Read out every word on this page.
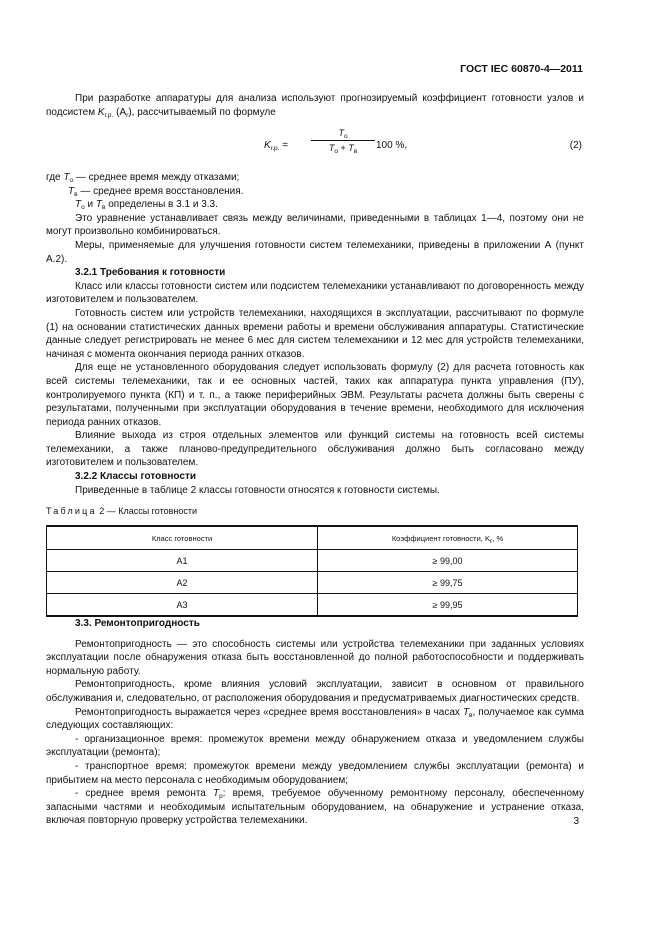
ГОСТ IEC 60870-4—2011

При разработке аппаратуры для анализа используют прогнозируемый коэффициент готовности узлов и подсистем $K_{г.р.}$ $(A_r)$, рассчитываемый по формуле

$K_{г.р.}$ =
$T_о$
$T_о + T_в$
100 %,	(2)

где $T_о$ — среднее время между отказами;

$T_в$ — среднее время восстановления.

$T_о$ и $T_в$ определены в 3.1 и 3.3.

Это уравнение устанавливает связь между величинами, приведенными в таблицах 1—4, поэтому они не могут произвольно комбинироваться.

Меры, применяемые для улучшения готовности систем телемеханики, приведены в приложении А (пункт А.2).

3.2.1 Требования к готовности

Класс или классы готовности систем или подсистем телемеханики устанавливают по договоренность между изготовителем и пользователем.

Готовность систем или устройств телемеханики, находящихся в эксплуатации, рассчитывают по формуле (1) на основании статистических данных времени работы и времени обслуживания аппаратуры. Статистические данные следует регистрировать не менее 6 мес для систем телемеханики и 12 мес для устройств телемеханики, начиная с момента окончания периода ранних отказов.

Для еще не установленного оборудования следует использовать формулу (2) для расчета готовность как всей системы телемеханики, так и ее основных частей, таких как аппаратура пункта управления (ПУ), контролируемого пункта (КП) и т. п., а также периферийных ЭВМ. Результаты расчета должны быть сверены с результатами, полученными при эксплуатации оборудования в течение времени, необходимого для исключения периода ранних отказов.

Влияние выхода из строя отдельных элементов или функций системы на готовность всей системы телемеханики, а также планово-предупредительного обслуживания должно быть согласовано между изготовителем и пользователем.

3.2.2 Классы готовности

Приведенные в таблице 2 классы готовности относятся к готовности системы.

Таблица 2 — Классы готовности
Класс готовности	Коэффициент готовности, $K_г$, %
A1	≥ 99,00
A2	≥ 99,75
A3	≥ 99,95

3.3. Ремонтопригодность

Ремонтопригодность — это способность системы или устройства телемеханики при заданных условиях эксплуатации после обнаружения отказа быть восстановленной до полной работоспособности и поддерживать нормальную работу.

Ремонтопригодность, кроме влияния условий эксплуатации, зависит в основном от правильного обслуживания и, следовательно, от расположения оборудования и предусматриваемых диагностических средств.

Ремонтопригодность выражается через «среднее время восстановления» в часах $T_в$, получаемое как сумма следующих составляющих:

- организационное время: промежуток времени между обнаружением отказа и уведомлением службы эксплуатации (ремонта);

- транспортное время: промежуток времени между уведомлением службы эксплуатации (ремонта) и прибытием на место персонала с необходимым оборудованием;

- среднее время ремонта $T_р$: время, требуемое обученному ремонтному персоналу, обеспеченному запасными частями и необходимым испытательным оборудованием, на обнаружение и устранение отказа, включая повторную проверку устройства телемеханики.	3
